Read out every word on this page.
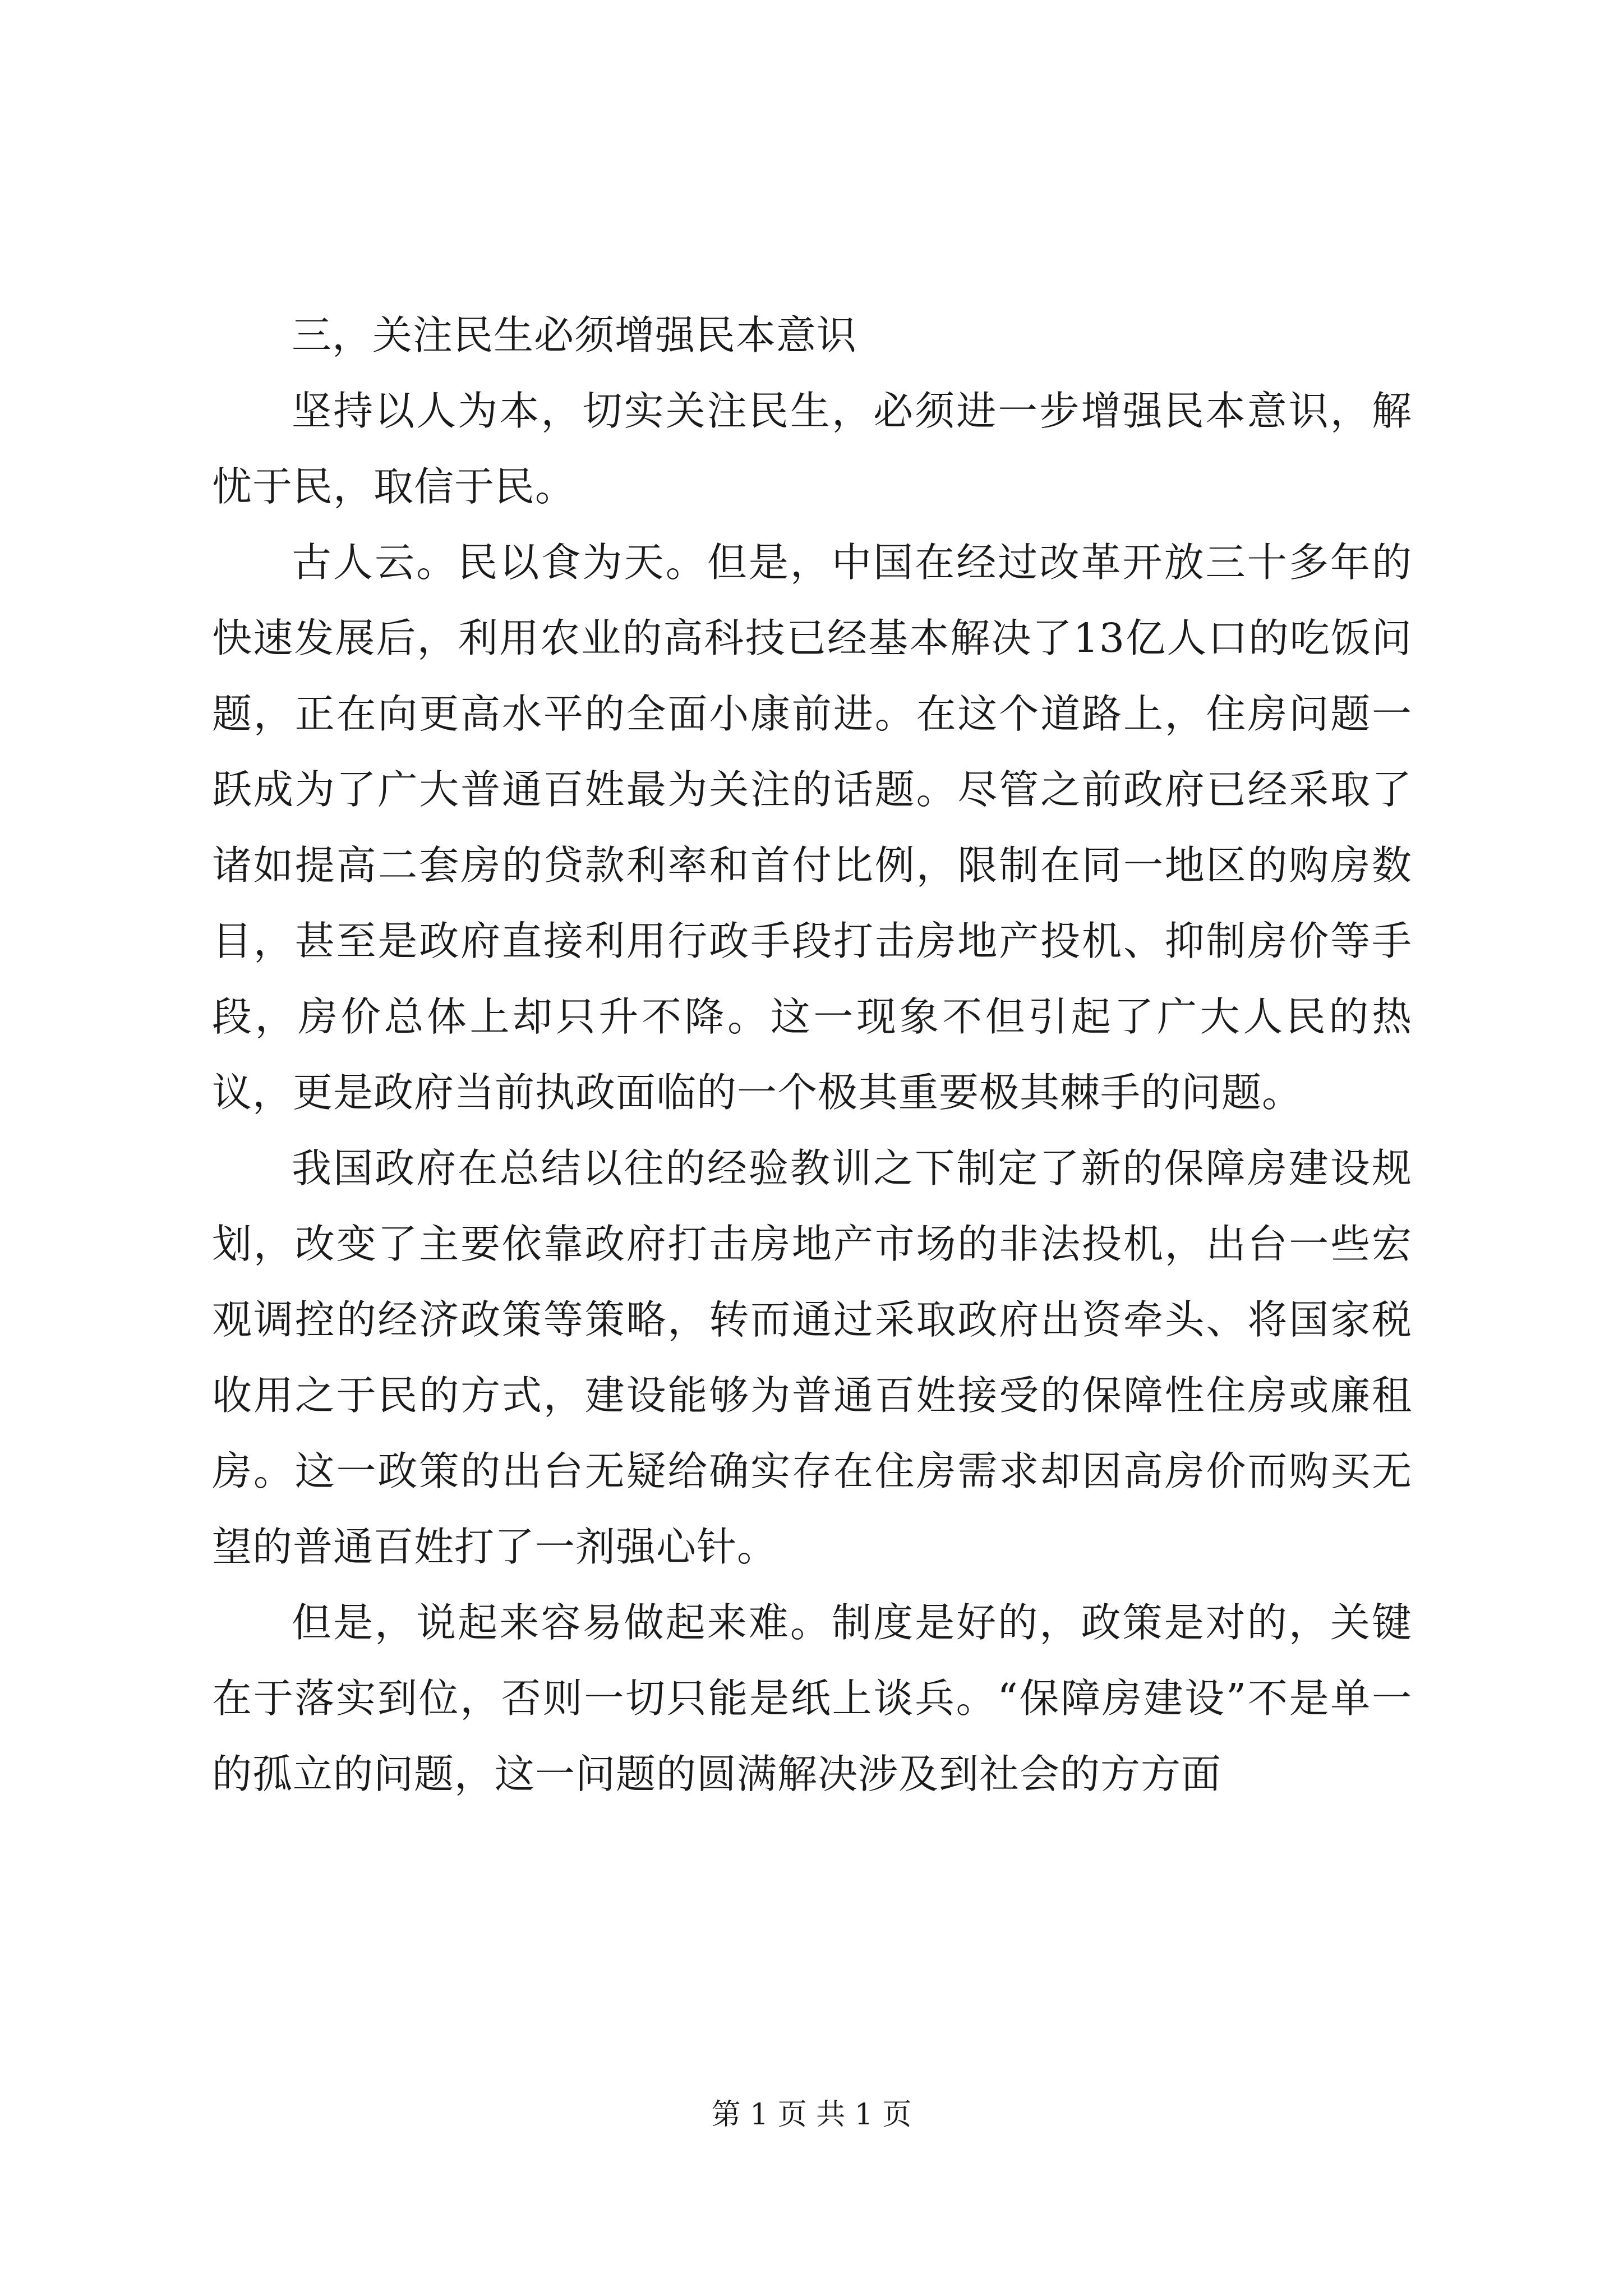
三，关注民生必须增强民本意识

坚持以人为本，切实关注民生，必须进一步增强民本意识，解忧于民，取信于民。

古人云。民以食为天。但是，中国在经过改革开放三十多年的快速发展后，利用农业的高科技已经基本解决了13亿人口的吃饭问题，正在向更高水平的全面小康前进。在这个道路上，住房问题一跃成为了广大普通百姓最为关注的话题。尽管之前政府已经采取了诸如提高二套房的贷款利率和首付比例，限制在同一地区的购房数目，甚至是政府直接利用行政手段打击房地产投机、抑制房价等手段，房价总体上却只升不降。这一现象不但引起了广大人民的热议，更是政府当前执政面临的一个极其重要极其棘手的问题。

我国政府在总结以往的经验教训之下制定了新的保障房建设规划，改变了主要依靠政府打击房地产市场的非法投机，出台一些宏观调控的经济政策等策略，转而通过采取政府出资牵头、将国家税收用之于民的方式，建设能够为普通百姓接受的保障性住房或廉租房。这一政策的出台无疑给确实存在住房需求却因高房价而购买无望的普通百姓打了一剂强心针。

但是，说起来容易做起来难。制度是好的，政策是对的，关键在于落实到位，否则一切只能是纸上谈兵。“保障房建设”不是单一的孤立的问题，这一问题的圆满解决涉及到社会的方方面

第 1 页 共 1 页
